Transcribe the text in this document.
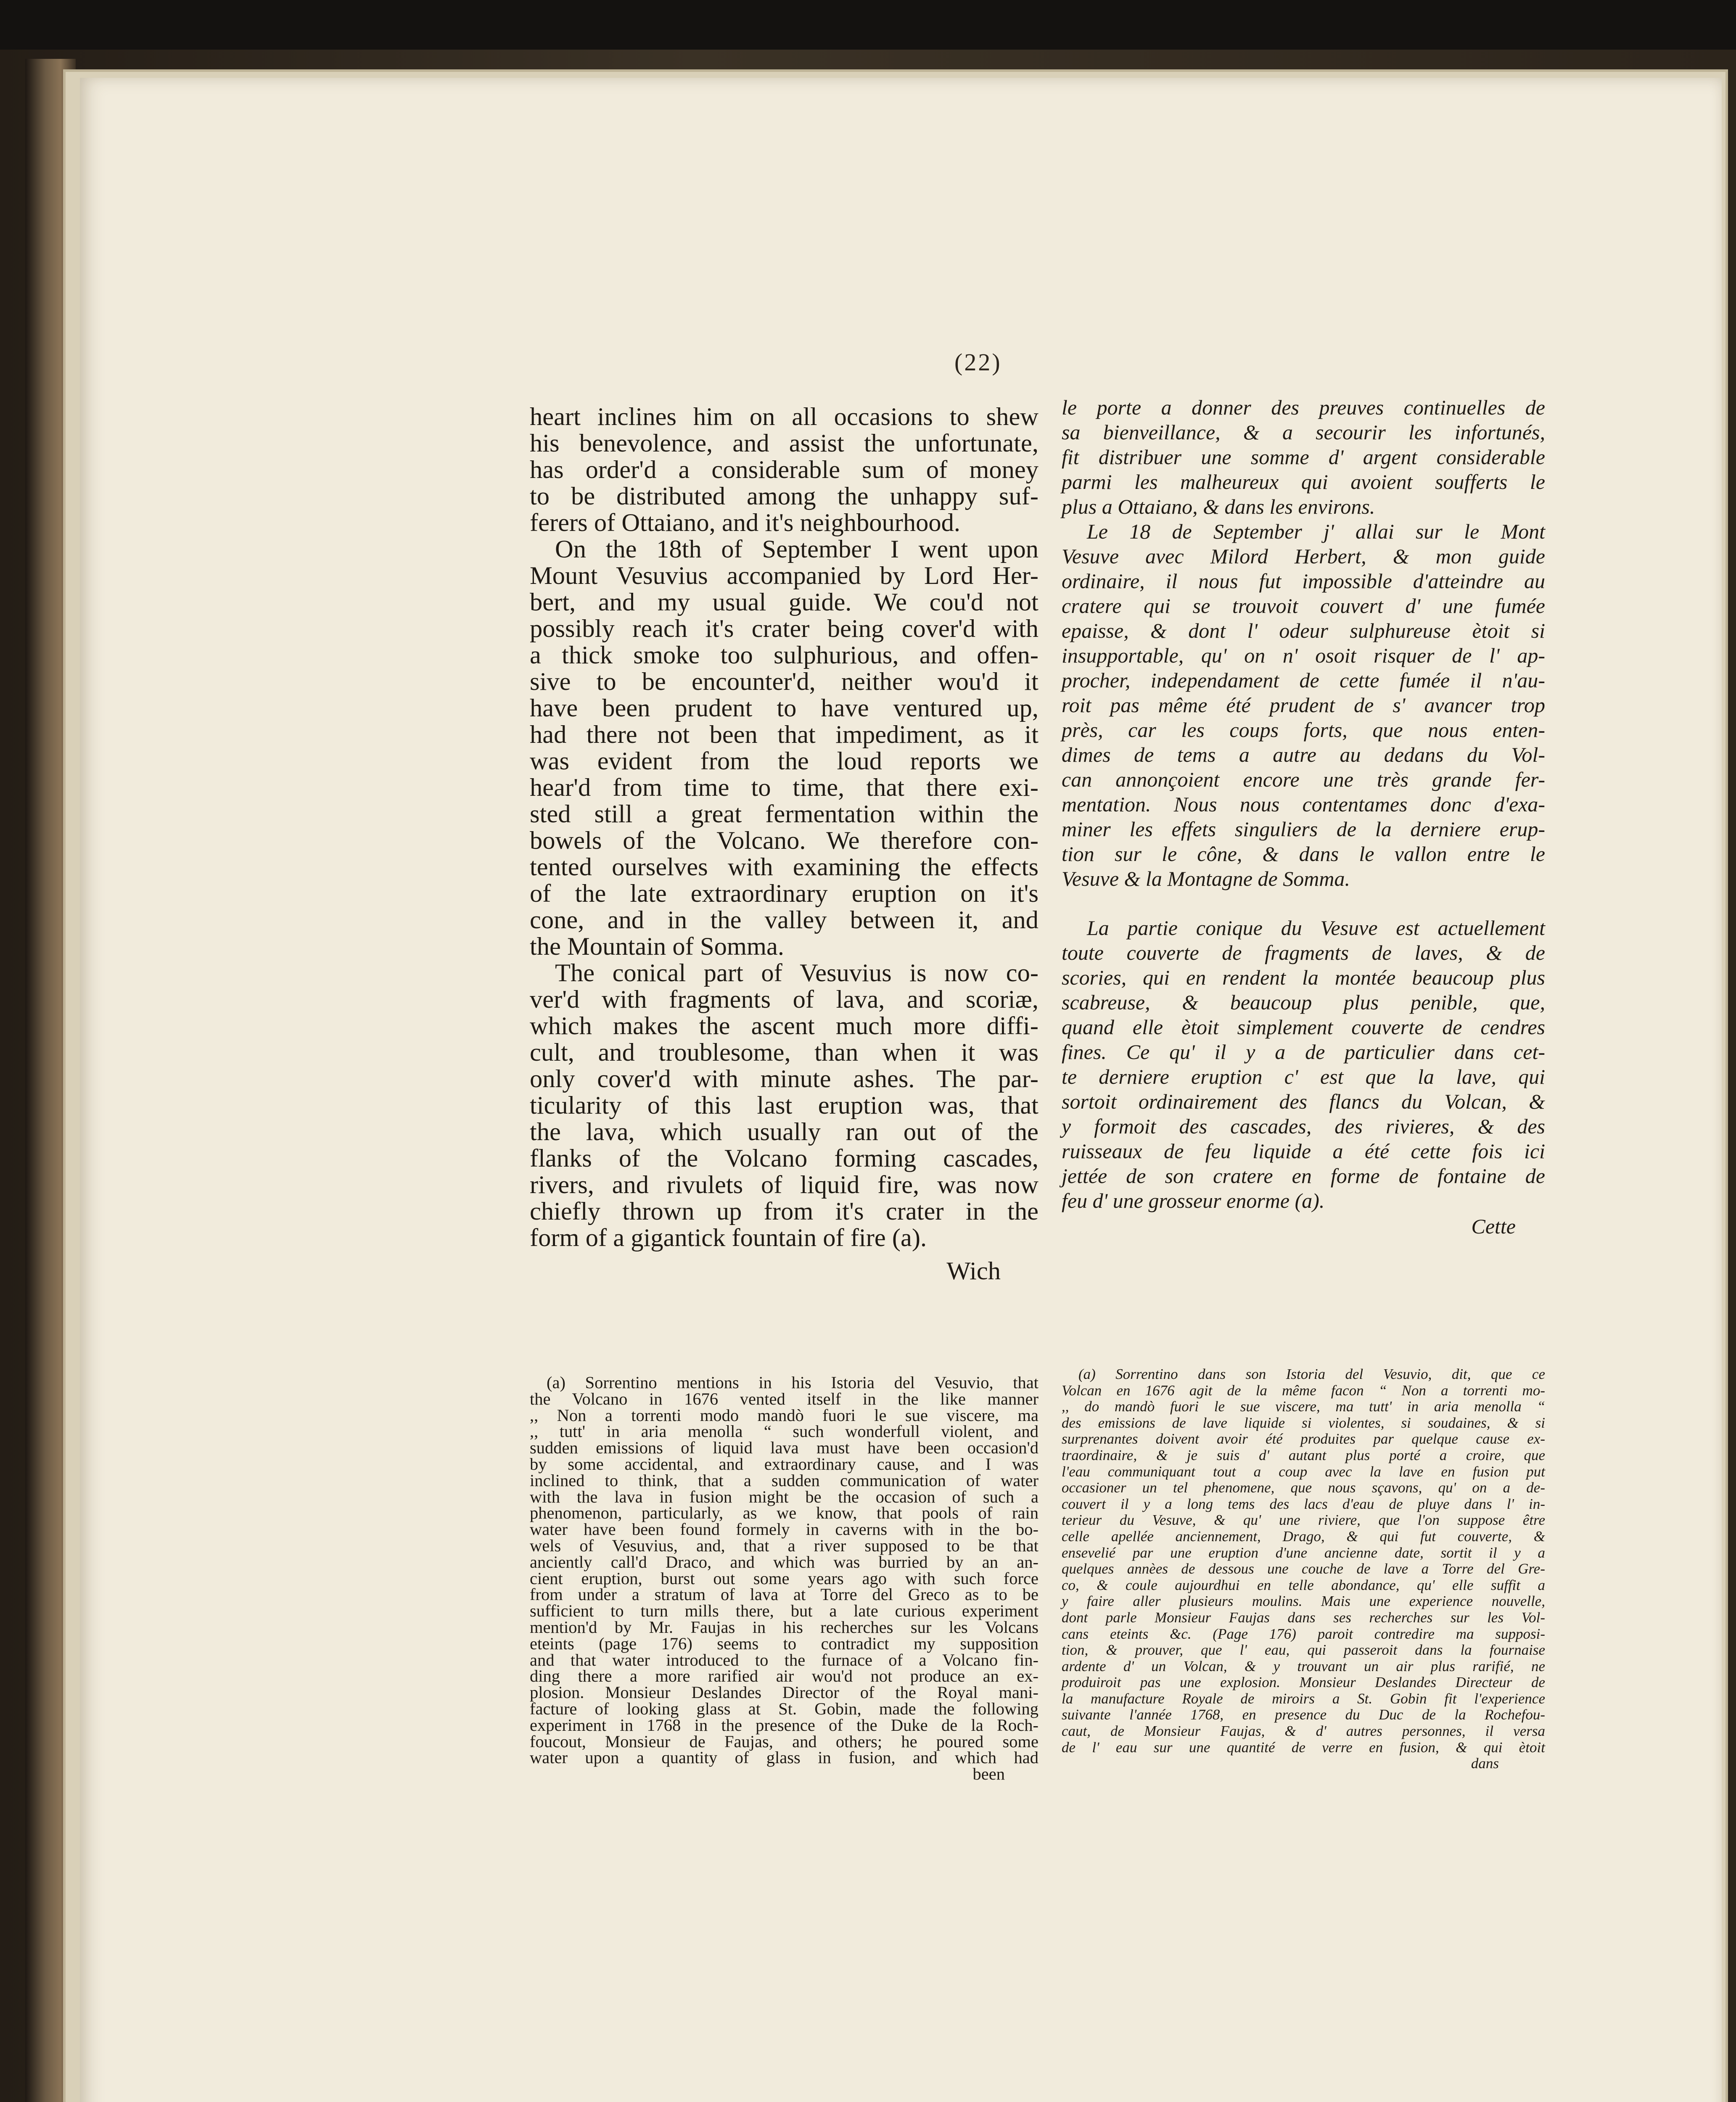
(22)
heart inclines him on all occasions to shew
his benevolence, and assist the unfortunate,
has order'd a considerable sum of money
to be distributed among the unhappy suf-
ferers of Ottaiano, and it's neighbourhood.
On the 18th of September I went upon
Mount Vesuvius accompanied by Lord Her-
bert, and my usual guide. We cou'd not
possibly reach it's crater being cover'd with
a thick smoke too sulphurious, and offen-
sive to be encounter'd, neither wou'd it
have been prudent to have ventured up,
had there not been that impediment, as it
was evident from the loud reports we
hear'd from time to time, that there exi-
sted still a great fermentation within the
bowels of the Volcano. We therefore con-
tented ourselves with examining the effects
of the late extraordinary eruption on it's
cone, and in the valley between it, and
the Mountain of Somma.
The conical part of Vesuvius is now co-
ver'd with fragments of lava, and scoriæ,
which makes the ascent much more diffi-
cult, and troublesome, than when it was
only cover'd with minute ashes. The par-
ticularity of this last eruption was, that
the lava, which usually ran out of the
flanks of the Volcano forming cascades,
rivers, and rivulets of liquid fire, was now
chiefly thrown up from it's crater in the
form of a gigantick fountain of fire (a).
Wich
le porte a donner des preuves continuelles de
sa bienveillance, & a secourir les infortunés,
fit distribuer une somme d' argent considerable
parmi les malheureux qui avoient soufferts le
plus a Ottaiano, & dans les environs.
Le 18 de September j' allai sur le Mont
Vesuve avec Milord Herbert, & mon guide
ordinaire, il nous fut impossible d'atteindre au
cratere qui se trouvoit couvert d' une fumée
epaisse, & dont l' odeur sulphureuse ètoit si
insupportable, qu' on n' osoit risquer de l' ap-
procher, independament de cette fumée il n'au-
roit pas même été prudent de s' avancer trop
près, car les coups forts, que nous enten-
dimes de tems a autre au dedans du Vol-
can annonçoient encore une très grande fer-
mentation. Nous nous contentames donc d'exa-
miner les effets singuliers de la derniere erup-
tion sur le cône, & dans le vallon entre le
Vesuve & la Montagne de Somma.
La partie conique du Vesuve est actuellement
toute couverte de fragments de laves, & de
scories, qui en rendent la montée beaucoup plus
scabreuse, & beaucoup plus penible, que,
quand elle ètoit simplement couverte de cendres
fines. Ce qu' il y a de particulier dans cet-
te derniere eruption c' est que la lave, qui
sortoit ordinairement des flancs du Volcan, &
y formoit des cascades, des rivieres, & des
ruisseaux de feu liquide a été cette fois ici
jettée de son cratere en forme de fontaine de
feu d' une grosseur enorme (a).
Cette
(a) Sorrentino mentions in his Istoria del Vesuvio, that
the Volcano in 1676 vented itself in the like manner
,, Non a torrenti modo mandò fuori le sue viscere, ma
,, tutt' in aria menolla “ such wonderfull violent, and
sudden emissions of liquid lava must have been occasion'd
by some accidental, and extraordinary cause, and I was
inclined to think, that a sudden communication of water
with the lava in fusion might be the occasion of such a
phenomenon, particularly, as we know, that pools of rain
water have been found formely in caverns with in the bo-
wels of Vesuvius, and, that a river supposed to be that
anciently call'd Draco, and which was burried by an an-
cient eruption, burst out some years ago with such force
from under a stratum of lava at Torre del Greco as to be
sufficient to turn mills there, but a late curious experiment
mention'd by Mr. Faujas in his recherches sur les Volcans
eteints (page 176) seems to contradict my supposition
and that water introduced to the furnace of a Volcano fin-
ding there a more rarified air wou'd not produce an ex-
plosion. Monsieur Deslandes Director of the Royal mani-
facture of looking glass at St. Gobin, made the following
experiment in 1768 in the presence of the Duke de la Roch-
foucout, Monsieur de Faujas, and others; he poured some
water upon a quantity of glass in fusion, and which had
been
(a) Sorrentino dans son Istoria del Vesuvio, dit, que ce
Volcan en 1676 agit de la même facon “ Non a torrenti mo-
,, do mandò fuori le sue viscere, ma tutt' in aria menolla “
des emissions de lave liquide si violentes, si soudaines, & si
surprenantes doivent avoir été produites par quelque cause ex-
traordinaire, & je suis d' autant plus porté a croire, que
l'eau communiquant tout a coup avec la lave en fusion put
occasioner un tel phenomene, que nous sçavons, qu' on a de-
couvert il y a long tems des lacs d'eau de pluye dans l' in-
terieur du Vesuve, & qu' une riviere, que l'on suppose être
celle apellée anciennement, Drago, & qui fut couverte, &
ensevelié par une eruption d'une ancienne date, sortit il y a
quelques annèes de dessous une couche de lave a Torre del Gre-
co, & coule aujourdhui en telle abondance, qu' elle suffit a
y faire aller plusieurs moulins. Mais une experience nouvelle,
dont parle Monsieur Faujas dans ses recherches sur les Vol-
cans eteints &c. (Page 176) paroit contredire ma supposi-
tion, & prouver, que l' eau, qui passeroit dans la fournaise
ardente d' un Volcan, & y trouvant un air plus rarifié, ne
produiroit pas une explosion. Monsieur Deslandes Directeur de
la manufacture Royale de miroirs a St. Gobin fit l'experience
suivante l'année 1768, en presence du Duc de la Rochefou-
caut, de Monsieur Faujas, & d' autres personnes, il versa
de l' eau sur une quantité de verre en fusion, & qui ètoit
dans
